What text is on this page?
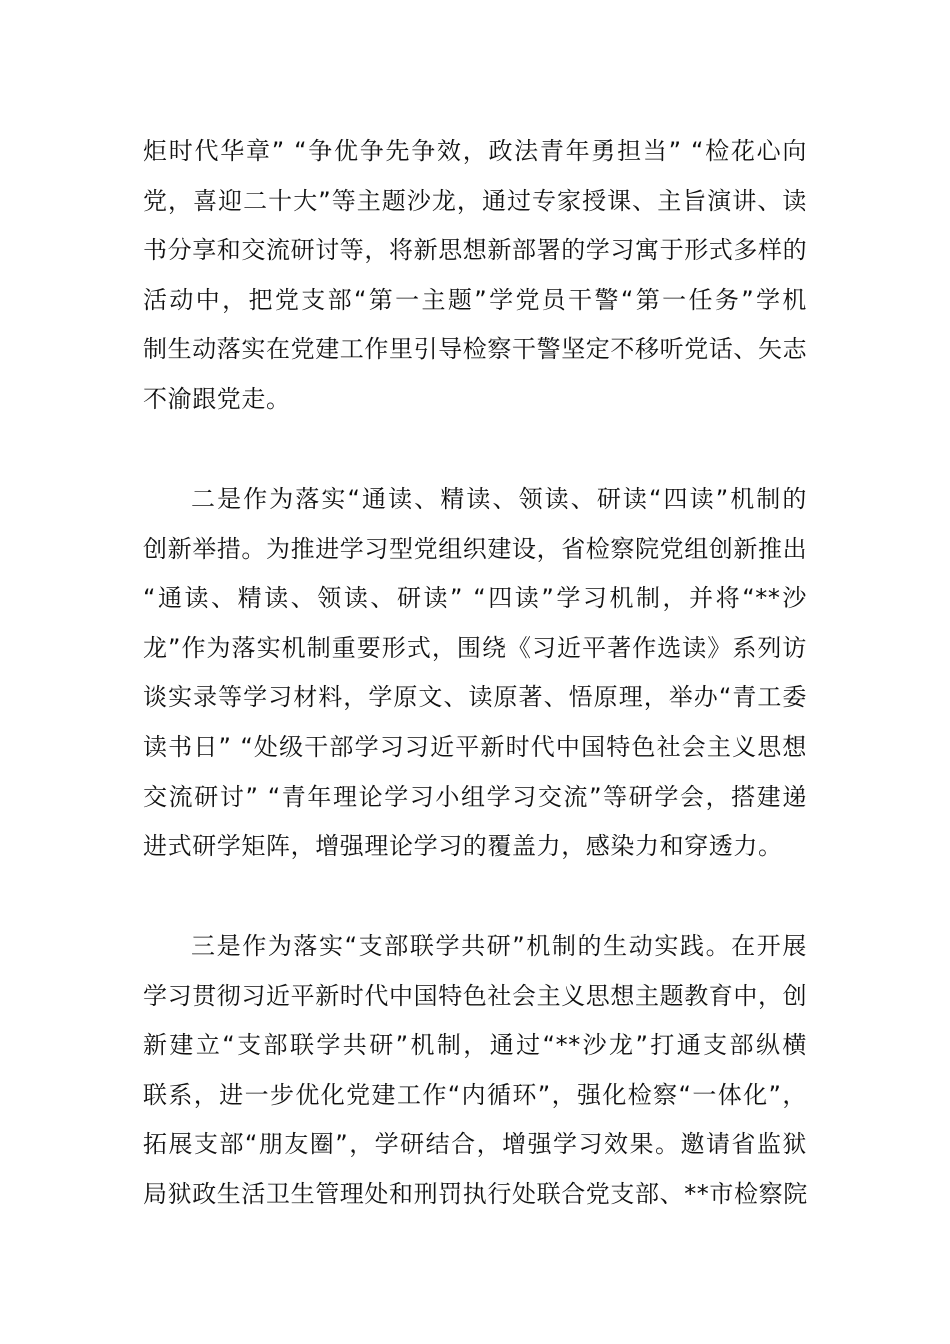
炬时代华章” “争优争先争效，政法青年勇担当” “检花心向
党，喜迎二十大”等主题沙龙，通过专家授课、主旨演讲、读
书分享和交流研讨等，将新思想新部署的学习寓于形式多样的
活动中，把党支部“第一主题”学党员干警“第一任务”学机
制生动落实在党建工作里引导检察干警坚定不移听党话、矢志
不渝跟党走。
二是作为落实“通读、精读、领读、研读“四读”机制的
创新举措。为推进学习型党组织建设，省检察院党组创新推出
“通读、精读、领读、研读” “四读”学习机制，并将“**沙
龙”作为落实机制重要形式，围绕《习近平著作选读》系列访
谈实录等学习材料，学原文、读原著、悟原理，举办“青工委
读书日” “处级干部学习习近平新时代中国特色社会主义思想
交流研讨” “青年理论学习小组学习交流”等研学会，搭建递
进式研学矩阵，增强理论学习的覆盖力，感染力和穿透力。
三是作为落实“支部联学共研”机制的生动实践。在开展
学习贯彻习近平新时代中国特色社会主义思想主题教育中，创
新建立“支部联学共研”机制，通过“**沙龙”打通支部纵横
联系，进一步优化党建工作“内循环”，强化检察“一体化”，
拓展支部“朋友圈”，学研结合，增强学习效果。邀请省监狱
局狱政生活卫生管理处和刑罚执行处联合党支部、**市检察院
